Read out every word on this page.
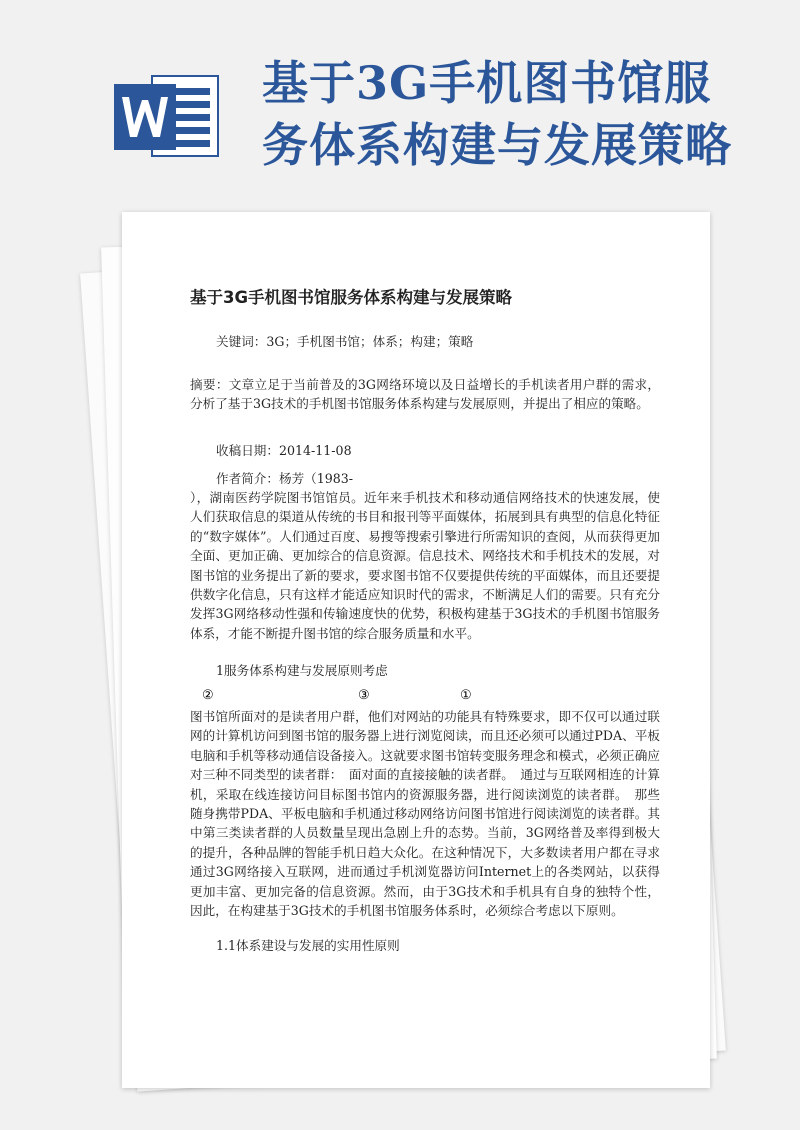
基于3G手机图书馆服
务体系构建与发展策略
基于3G手机图书馆服务体系构建与发展策略
关键词：3G；手机图书馆；体系；构建；策略
摘要：文章立足于当前普及的3G网络环境以及日益增长的手机读者用户群的需求，分析了基于3G技术的手机图书馆服务体系构建与发展原则，并提出了相应的策略。
收稿日期：2014-11-08
作者简介：杨芳（1983-
），湖南医药学院图书馆馆员。近年来手机技术和移动通信网络技术的快速发展，使人们获取信息的渠道从传统的书目和报刊等平面媒体，拓展到具有典型的信息化特征的“数字媒体”。人们通过百度、易搜等搜索引擎进行所需知识的查阅，从而获得更加全面、更加正确、更加综合的信息资源。信息技术、网络技术和手机技术的发展，对图书馆的业务提出了新的要求，要求图书馆不仅要提供传统的平面媒体，而且还要提供数字化信息，只有这样才能适应知识时代的需求，不断满足人们的需要。只有充分发挥3G网络移动性强和传输速度快的优势，积极构建基于3G技术的手机图书馆服务体系，才能不断提升图书馆的综合服务质量和水平。
1服务体系构建与发展原则考虑
②	③	①
图书馆所面对的是读者用户群，他们对网站的功能具有特殊要求，即不仅可以通过联网的计算机访问到图书馆的服务器上进行浏览阅读，而且还必须可以通过PDA、平板电脑和手机等移动通信设备接入。这就要求图书馆转变服务理念和模式，必须正确应对三种不同类型的读者群：　面对面的直接接触的读者群。　通过与互联网相连的计算机，采取在线连接访问目标图书馆内的资源服务器，进行阅读浏览的读者群。　那些随身携带PDA、平板电脑和手机通过移动网络访问图书馆进行阅读浏览的读者群。其中第三类读者群的人员数量呈现出急剧上升的态势。当前，3G网络普及率得到极大的提升，各种品牌的智能手机日趋大众化。在这种情况下，大多数读者用户都在寻求通过3G网络接入互联网，进而通过手机浏览器访问Internet上的各类网站，以获得更加丰富、更加完备的信息资源。然而，由于3G技术和手机具有自身的独特个性，因此，在构建基于3G技术的手机图书馆服务体系时，必须综合考虑以下原则。
1.1体系建设与发展的实用性原则
